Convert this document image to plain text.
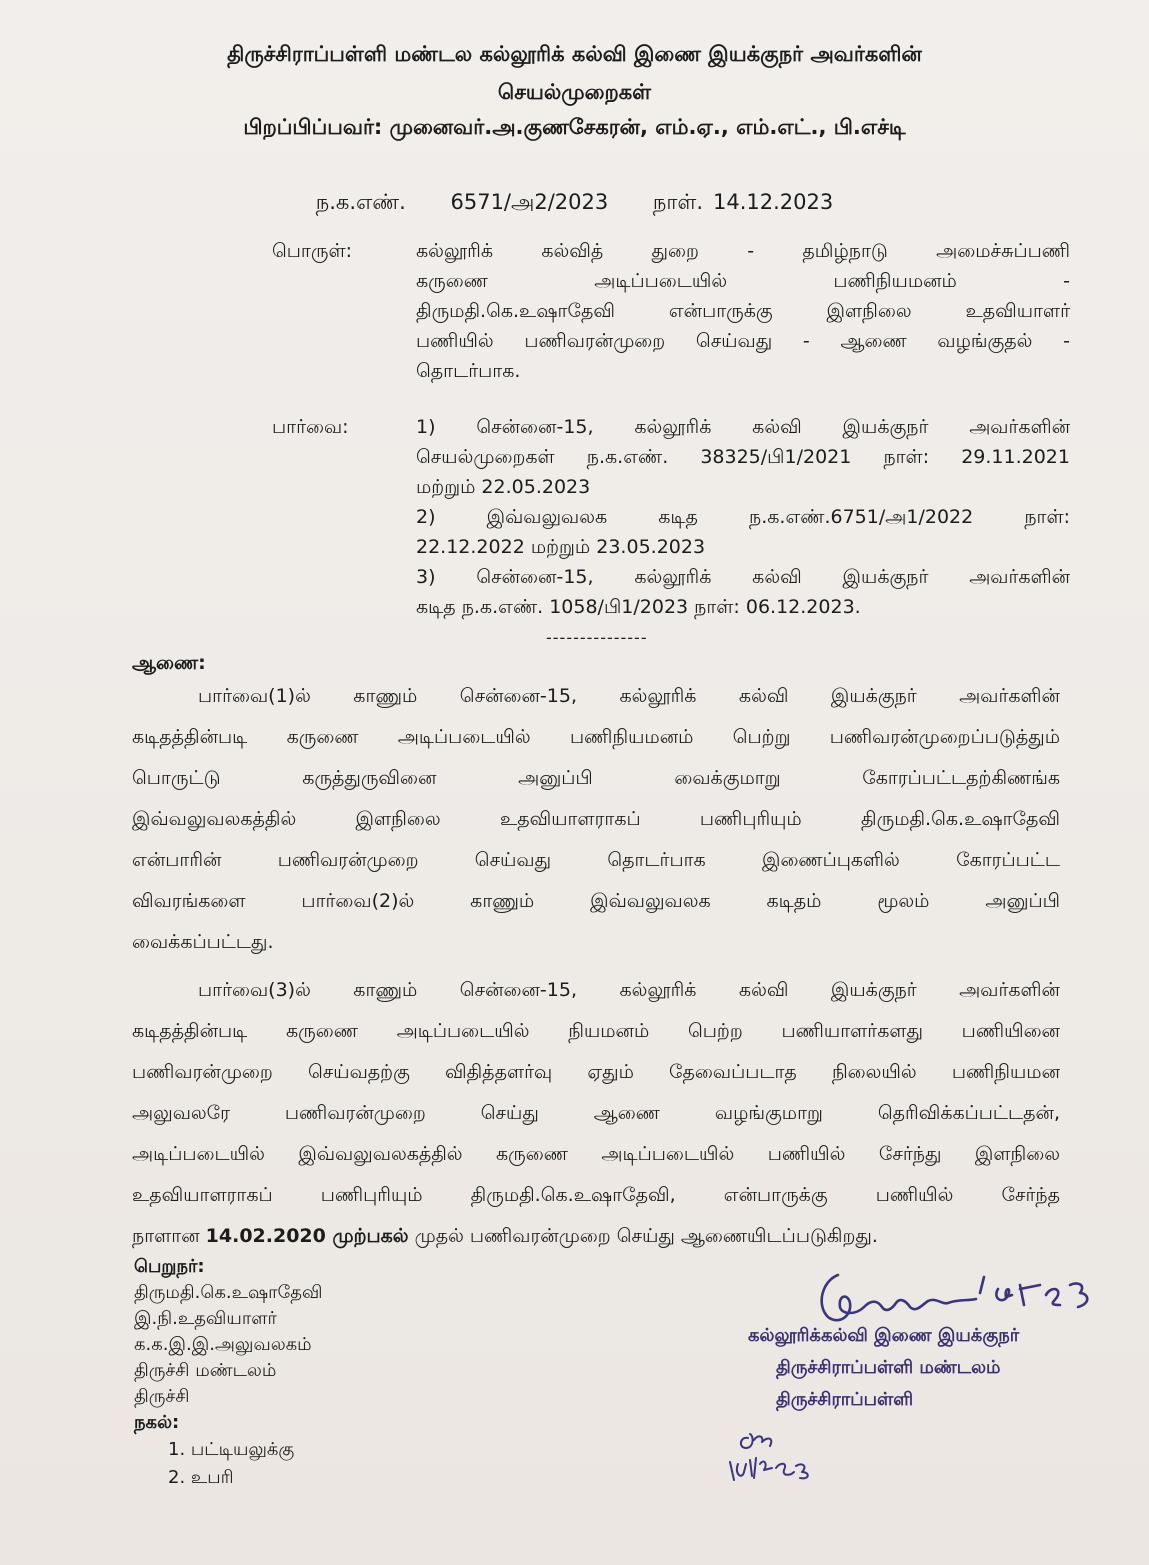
திருச்சிராப்பள்ளி மண்டல கல்லூரிக் கல்வி இணை இயக்குநர் அவர்களின்
செயல்முறைகள்
பிறப்பிப்பவர்: முனைவர்.அ.குணசேகரன், எம்.ஏ., எம்.எட்., பி.எச்டி
ந.க.எண். 6571/அ2/2023 நாள். 14.12.2023
பொருள்:	கல்லூரிக் கல்வித் துறை - தமிழ்நாடு அமைச்சுப்பணி
கருணை அடிப்படையில் பணிநியமனம் -
திருமதி.கெ.உஷாதேவி என்பாருக்கு இளநிலை உதவியாளர்
பணியில் பணிவரன்முறை செய்வது - ஆணை வழங்குதல் -
தொடர்பாக.
பார்வை:	1) சென்னை-15, கல்லூரிக் கல்வி இயக்குநர் அவர்களின்
செயல்முறைகள் ந.க.எண். 38325/பி1/2021 நாள்: 29.11.2021
மற்றும் 22.05.2023
2) இவ்வலுவலக கடித ந.க.எண்.6751/அ1/2022 நாள்:
22.12.2022 மற்றும் 23.05.2023
3) சென்னை-15, கல்லூரிக் கல்வி இயக்குநர் அவர்களின்
கடித ந.க.எண். 1058/பி1/2023 நாள்: 06.12.2023.
---------------
ஆணை:
பார்வை(1)ல் காணும் சென்னை-15, கல்லூரிக் கல்வி இயக்குநர் அவர்களின்
கடிதத்தின்படி கருணை அடிப்படையில் பணிநியமனம் பெற்று பணிவரன்முறைப்படுத்தும்
பொருட்டு கருத்துருவினை அனுப்பி வைக்குமாறு கோரப்பட்டதற்கிணங்க
இவ்வலுவலகத்தில் இளநிலை உதவியாளராகப் பணிபுரியும் திருமதி.கெ.உஷாதேவி
என்பாரின் பணிவரன்முறை செய்வது தொடர்பாக இணைப்புகளில் கோரப்பட்ட
விவரங்களை பார்வை(2)ல் காணும் இவ்வலுவலக கடிதம் மூலம் அனுப்பி
வைக்கப்பட்டது.
பார்வை(3)ல் காணும் சென்னை-15, கல்லூரிக் கல்வி இயக்குநர் அவர்களின்
கடிதத்தின்படி கருணை அடிப்படையில் நியமனம் பெற்ற பணியாளர்களது பணியினை
பணிவரன்முறை செய்வதற்கு விதித்தளர்வு ஏதும் தேவைப்படாத நிலையில் பணிநியமன
அலுவலரே பணிவரன்முறை செய்து ஆணை வழங்குமாறு தெரிவிக்கப்பட்டதன்,
அடிப்படையில் இவ்வலுவலகத்தில் கருணை அடிப்படையில் பணியில் சேர்ந்து இளநிலை
உதவியாளராகப் பணிபுரியும் திருமதி.கெ.உஷாதேவி, என்பாருக்கு பணியில் சேர்ந்த
நாளான 14.02.2020 முற்பகல் முதல் பணிவரன்முறை செய்து ஆணையிடப்படுகிறது.
பெறுநர்:
திருமதி.கெ.உஷாதேவி
இ.நி.உதவியாளர்
க.க.இ.இ.அலுவலகம்
திருச்சி மண்டலம்
திருச்சி
நகல்:
1. பட்டியலுக்கு
2. உபரி
கல்லூரிக்கல்வி இணை இயக்குநர்
திருச்சிராப்பள்ளி மண்டலம்
திருச்சிராப்பள்ளி
